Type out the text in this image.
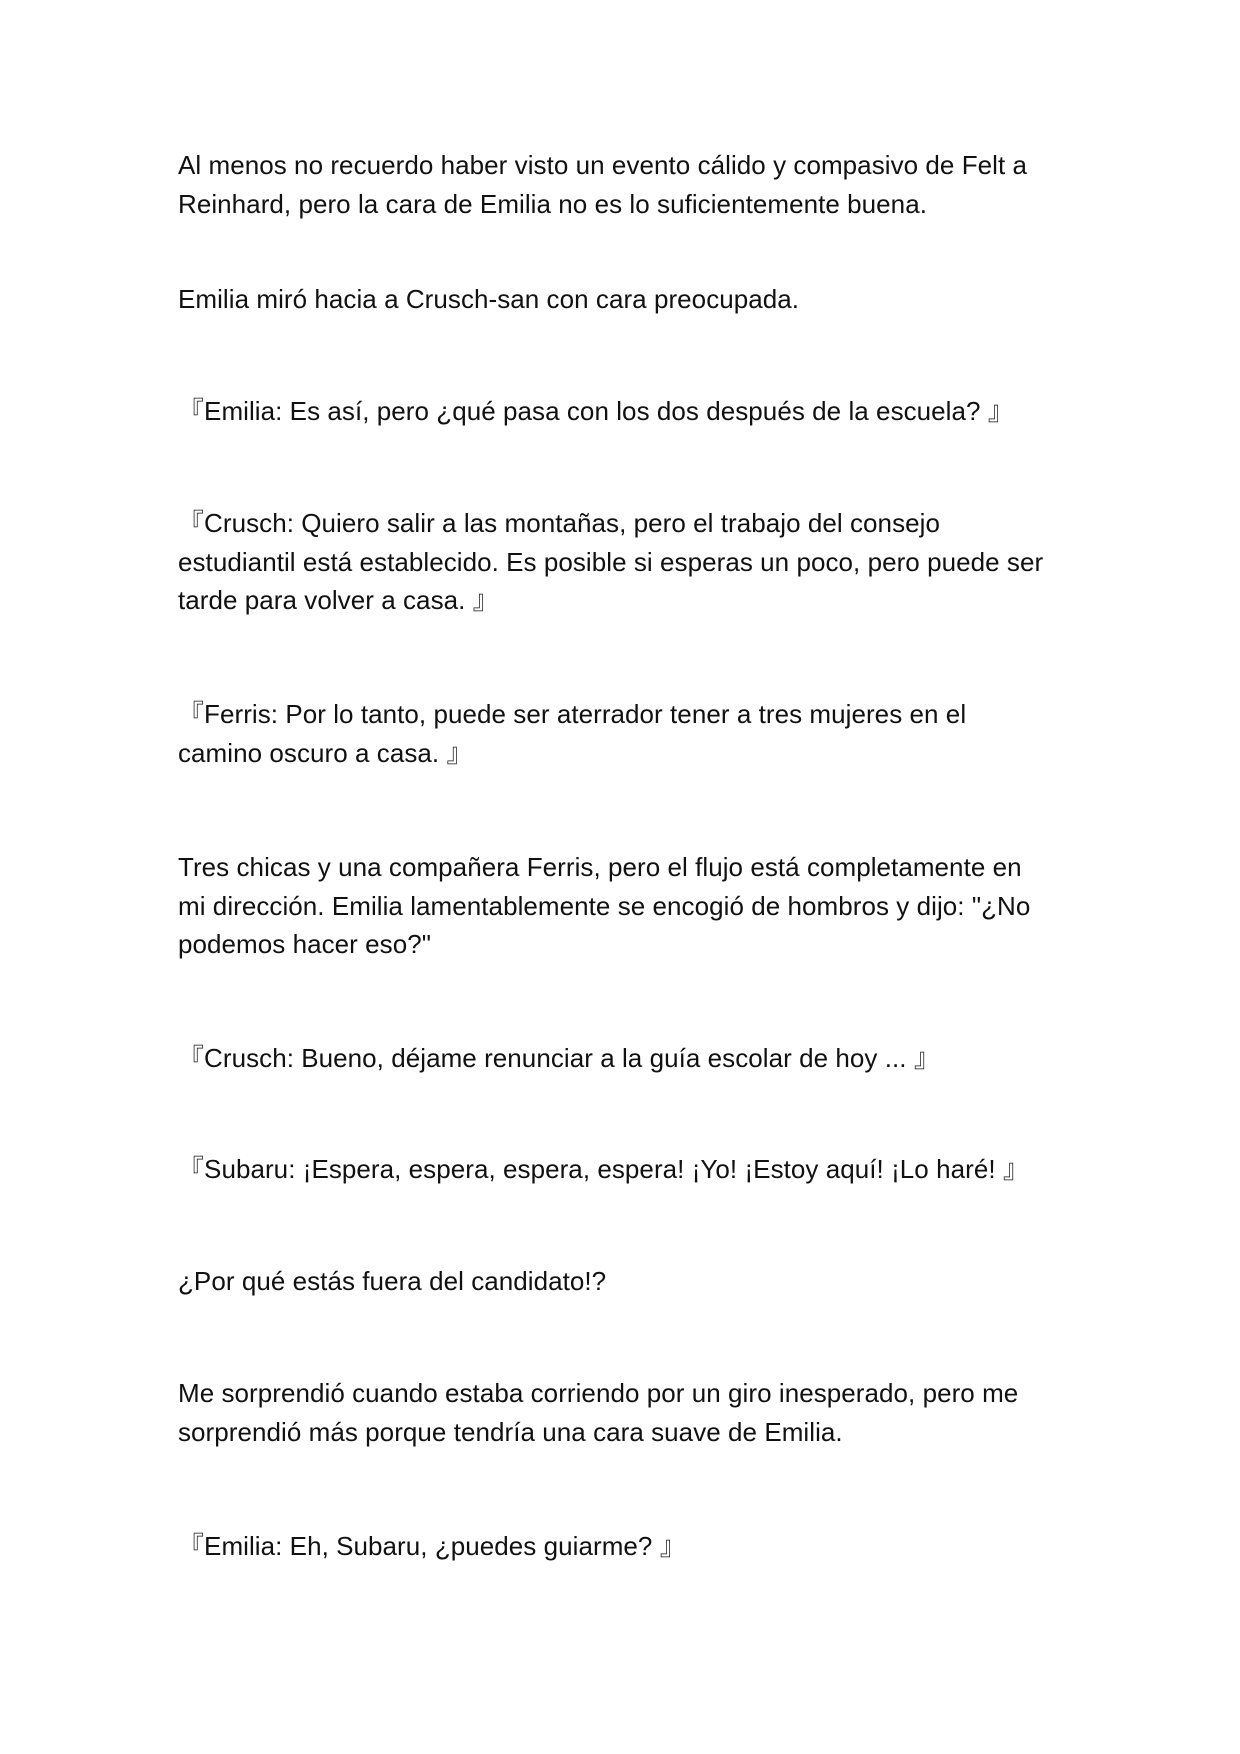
Al menos no recuerdo haber visto un evento cálido y compasivo de Felt a
Reinhard, pero la cara de Emilia no es lo suficientemente buena.

Emilia miró hacia a Crusch-san con cara preocupada.

『Emilia: Es así, pero ¿qué pasa con los dos después de la escuela? 』

『Crusch: Quiero salir a las montañas, pero el trabajo del consejo
estudiantil está establecido. Es posible si esperas un poco, pero puede ser
tarde para volver a casa. 』

『Ferris: Por lo tanto, puede ser aterrador tener a tres mujeres en el
camino oscuro a casa. 』

Tres chicas y una compañera Ferris, pero el flujo está completamente en
mi dirección. Emilia lamentablemente se encogió de hombros y dijo: "¿No
podemos hacer eso?"

『Crusch: Bueno, déjame renunciar a la guía escolar de hoy ... 』

『Subaru: ¡Espera, espera, espera, espera! ¡Yo! ¡Estoy aquí! ¡Lo haré! 』

¿Por qué estás fuera del candidato!?

Me sorprendió cuando estaba corriendo por un giro inesperado, pero me
sorprendió más porque tendría una cara suave de Emilia.

『Emilia: Eh, Subaru, ¿puedes guiarme? 』
